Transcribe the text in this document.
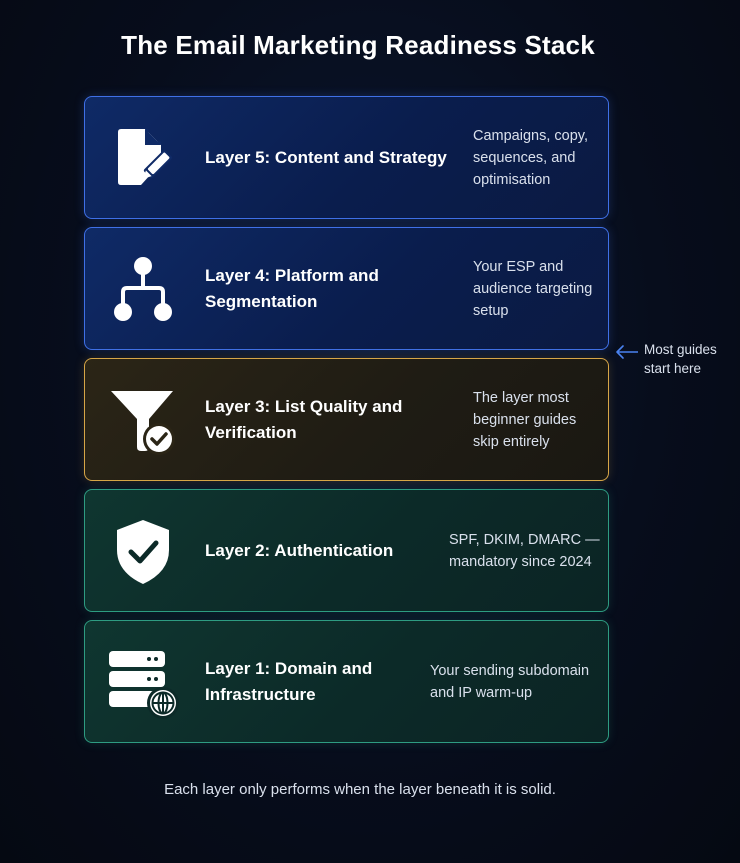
The Email Marketing Readiness Stack
Layer 5: Content and Strategy
Campaigns, copy, sequences, and optimisation
Layer 4: Platform and Segmentation
Your ESP and audience targeting setup
Layer 3: List Quality and Verification
The layer most beginner guides skip entirely
Layer 2: Authentication
SPF, DKIM, DMARC — mandatory since 2024
Layer 1: Domain and Infrastructure
Your sending subdomain and IP warm-up
Most guides start here
Each layer only performs when the layer beneath it is solid.
